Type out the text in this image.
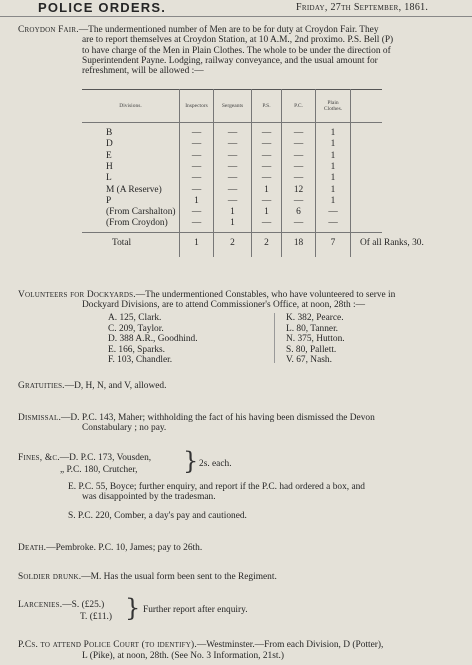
POLICE ORDERS.	Friday, 27th September, 1861.
Croydon Fair.—The undermentioned number of Men are to be for duty at Croydon Fair. They
are to report themselves at Croydon Station, at 10 A.M., 2nd proximo. P.S. Bell (P)
to have charge of the Men in Plain Clothes. The whole to be under the direction of
Superintendent Payne. Lodging, railway conveyance, and the usual amount for
refreshment, will be allowed :—
Divisions.	Inspectors	Sergeants	P.S.	P.C.	Plain Clothes.
B	—	—	—	—	1
D	—	—	—	—	1
E	—	—	—	—	1
H	—	—	—	—	1
L	—	—	—	—	1
M (A Reserve)	—	—	1	12	1
P	1	—	—	—	1
(From Carshalton)	—	1	1	6	—
(From Croydon)	—	1	—	—	—
Total	1	2	2	18	7	Of all Ranks, 30.
Volunteers for Dockyards.—The undermentioned Constables, who have volunteered to serve in
Dockyard Divisions, are to attend Commissioner's Office, at noon, 28th :—
A. 125, Clark.
C. 209, Taylor.
D. 388 A.R., Goodhind.
E. 166, Sparks.
F. 103, Chandler.
K. 382, Pearce.
L. 80, Tanner.
N. 375, Hutton.
S. 80, Pallett.
V. 67, Nash.
Gratuities.—D, H, N, and V, allowed.
Dismissal.—D. P.C. 143, Maher; withholding the fact of his having been dismissed the Devon
Constabulary ; no pay.
Fines, &c.—D. P.C. 173, Vousden,
„ P.C. 180, Crutcher, } 2s. each.
E. P.C. 55, Boyce; further enquiry, and report if the P.C. had ordered a box, and
was disappointed by the tradesman.
S. P.C. 220, Comber, a day's pay and cautioned.
Death.—Pembroke. P.C. 10, James; pay to 26th.
Soldier drunk.—M. Has the usual form been sent to the Regiment.
Larcenies.—S. (£25.)
T. (£11.) } Further report after enquiry.
P.Cs. to attend Police Court (to identify).—Westminster.—From each Division, D (Potter),
L (Pike), at noon, 28th. (See No. 3 Information, 21st.)
